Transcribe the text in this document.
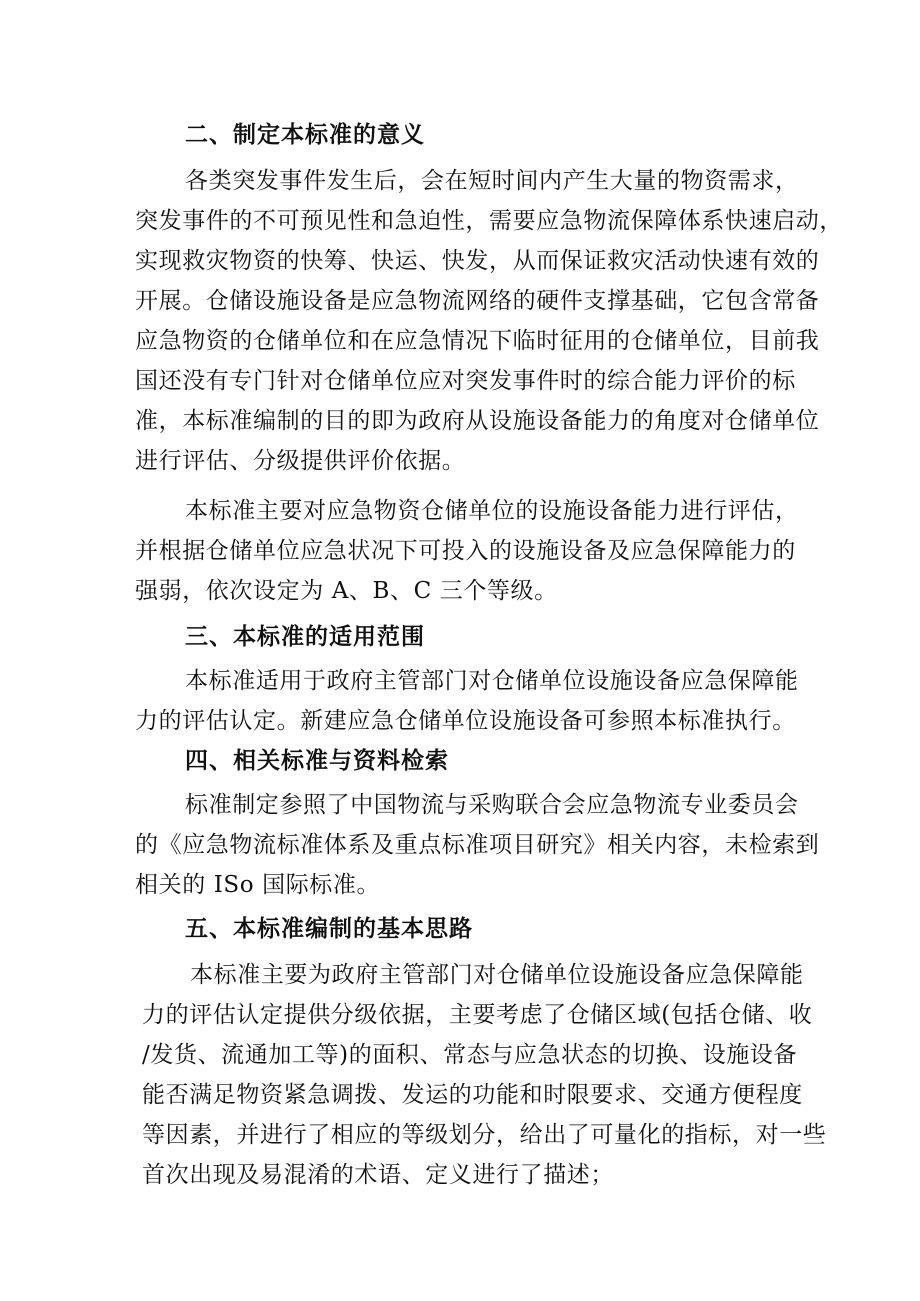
二、制定本标准的意义
各类突发事件发生后，会在短时间内产生大量的物资需求，
突发事件的不可预见性和急迫性，需要应急物流保障体系快速启动，
实现救灾物资的快筹、快运、快发，从而保证救灾活动快速有效的
开展。仓储设施设备是应急物流网络的硬件支撑基础，它包含常备
应急物资的仓储单位和在应急情况下临时征用的仓储单位，目前我
国还没有专门针对仓储单位应对突发事件时的综合能力评价的标
准，本标准编制的目的即为政府从设施设备能力的角度对仓储单位
进行评估、分级提供评价依据。
本标准主要对应急物资仓储单位的设施设备能力进行评估，
并根据仓储单位应急状况下可投入的设施设备及应急保障能力的
强弱，依次设定为 A、B、C 三个等级。
三、本标准的适用范围
本标准适用于政府主管部门对仓储单位设施设备应急保障能
力的评估认定。新建应急仓储单位设施设备可参照本标准执行。
四、相关标准与资料检索
标准制定参照了中国物流与采购联合会应急物流专业委员会
的《应急物流标准体系及重点标准项目研究》相关内容，未检索到
相关的 ISo 国际标准。
五、本标准编制的基本思路
本标准主要为政府主管部门对仓储单位设施设备应急保障能
力的评估认定提供分级依据，主要考虑了仓储区域(包括仓储、收
/发货、流通加工等)的面积、常态与应急状态的切换、设施设备
能否满足物资紧急调拨、发运的功能和时限要求、交通方便程度
等因素，并进行了相应的等级划分，给出了可量化的指标，对一些
首次出现及易混淆的术语、定义进行了描述；
